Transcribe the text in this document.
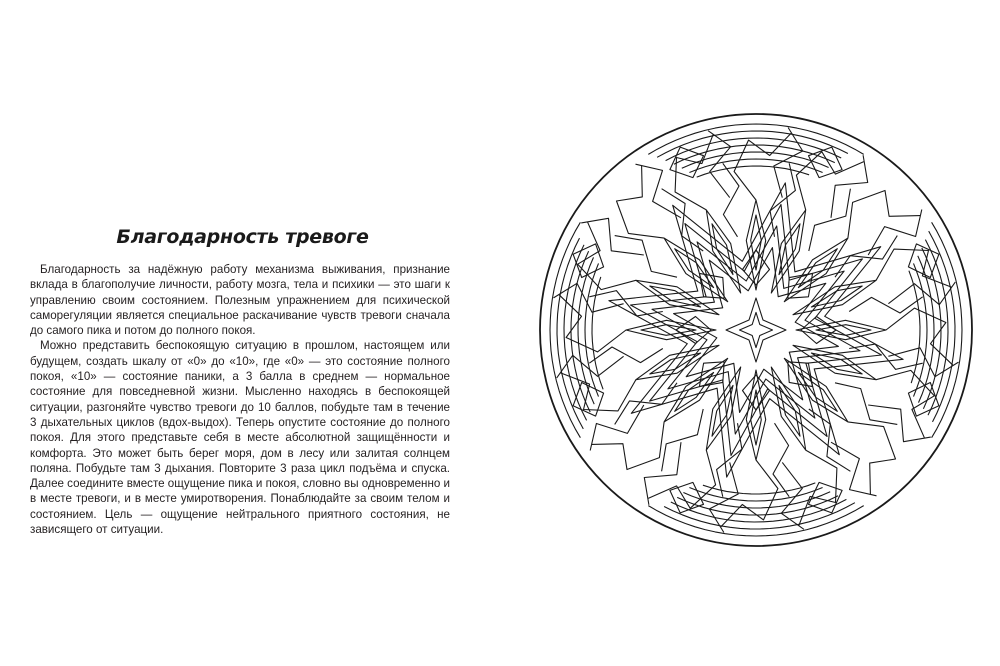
Благодарность тревоге

Благодарность за надёжную работу механизма выживания, признание вклада в благополучие личности, работу мозга, тела и психики — это шаги к управлению своим состоянием. Полезным упражнением для психической саморегуляции является специальное раскачивание чувств тревоги сначала до самого пика и потом до полного покоя.

Можно представить беспокоящую ситуацию в прошлом, настоящем или будущем, создать шкалу от «0» до «10», где «0» — это состояние полного покоя, «10» — состояние паники, а 3 балла в среднем — нормальное состояние для повседневной жизни. Мысленно находясь в беспокоящей ситуации, разгоняйте чувство тревоги до 10 баллов, побудьте там в течение 3 дыхательных циклов (вдох-выдох). Теперь опустите состояние до полного покоя. Для этого представьте себя в месте абсолютной защищённости и комфорта. Это может быть берег моря, дом в лесу или залитая солнцем поляна. Побудьте там 3 дыхания. Повторите 3 раза цикл подъёма и спуска. Далее соедините вместе ощущение пика и покоя, словно вы одновременно и в месте тревоги, и в месте умиротворения. Понаблюдайте за своим телом и состоянием. Цель — ощущение нейтрального приятного состояния, не зависящего от ситуации.
